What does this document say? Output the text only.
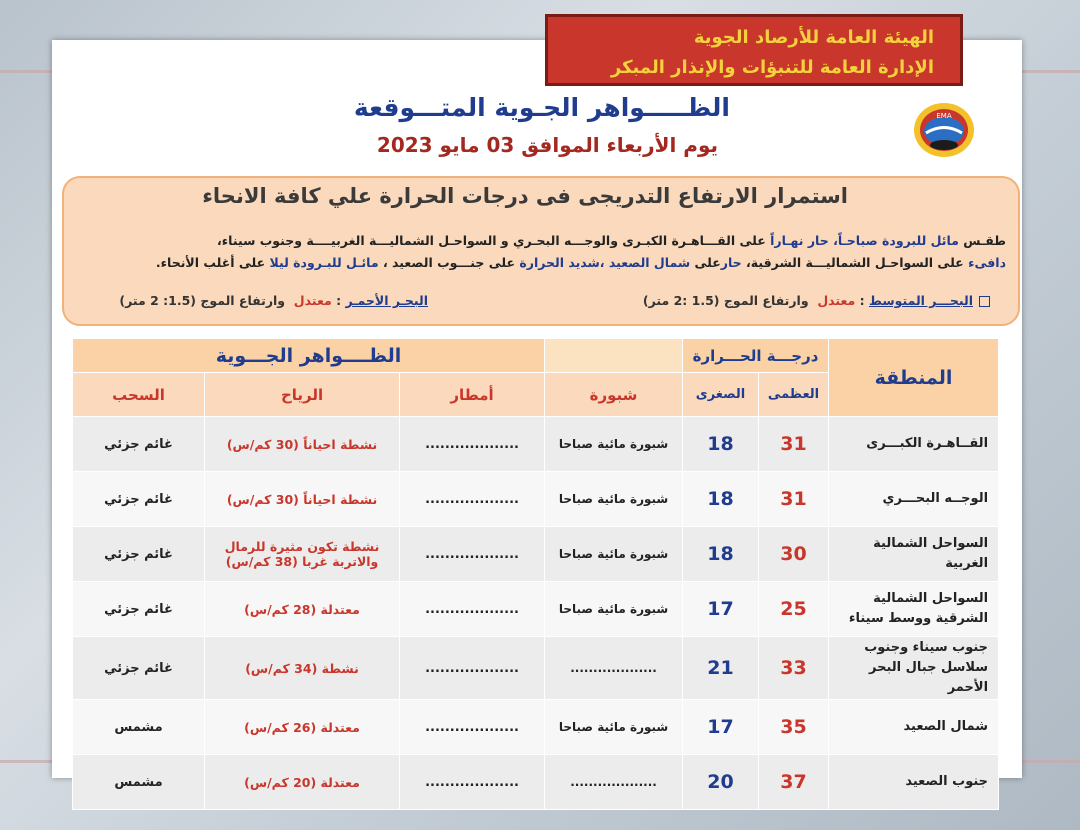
الهيئة العامة للأرصاد الجوية
الإدارة العامة للتنبؤات والإنذار المبكر
EMA
الظـــــواهر الجـوية المتـــوقعة
يوم الأربعاء الموافق 03 مايو 2023
استمرار الارتفاع التدريجى فى درجات الحرارة علي كافة الانحاء
طقـس مائل للبرودة صباحـاً، حار نهـاراً على القـــاهـرة الكبـرى والوجـــه البحـري و السواحـل الشماليـــة الغربيــــة وجنوب سيناء،
دافىء على السواحـل الشماليـــة الشرقية، حارعلى شمال الصعيد ،شديد الحرارة على جنـــوب الصعيد ، مائـل للبـرودة ليلا على أغلب الأنحاء.
البحـــر المتوسط : معتدل  وارتفاع الموج (1.5 :2 متر)
البحـر الأحمـر : معتدل  وارتفاع الموج (1.5: 2 متر)
المنطقة	درجـــة الحـــرارة			الظــــواهر الجـــوية		
	العظمى	الصغرى	شبورة	أمطار	الرياح	السحب
القــاهـرة الكبـــرى	31	18	شبورة مائية صباحا	...................	نشطة احياناً (30 كم/س)	غائم جزئي
الوجــه البحـــري	31	18	شبورة مائية صباحا	...................	نشطة احياناً (30 كم/س)	غائم جزئي
السواحل الشمالية الغربية	30	18	شبورة مائية صباحا	...................	نشطة تكون مثيرة للرمال والاتربة غربا (38 كم/س)	غائم جزئي
السواحل الشمالية الشرقية ووسط سيناء	25	17	شبورة مائية صباحا	...................	معتدلة (28 كم/س)	غائم جزئي
جنوب سيناء وجنوب سلاسل جبال البحر الأحمر	33	21	...................	...................	نشطة (34 كم/س)	غائم جزئي
شمال الصعيد	35	17	شبورة مائية صباحا	...................	معتدلة (26 كم/س)	مشمس
جنوب الصعيد	37	20	...................	...................	معتدلة (20 كم/س)	مشمس
